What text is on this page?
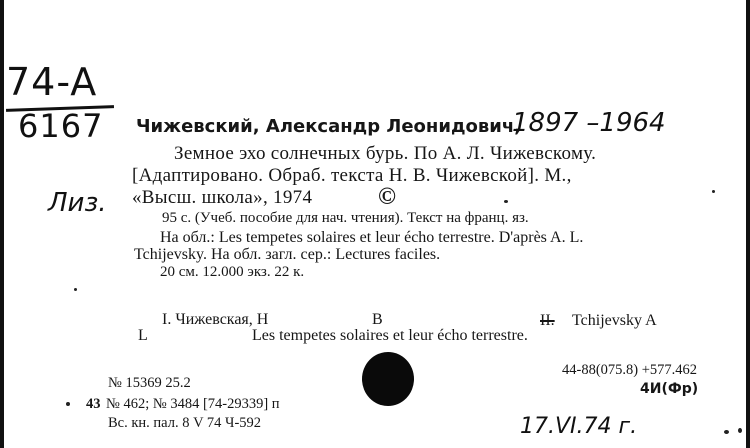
74-A
6167
Лиз.
Чижевский, Александр Леонидович,
1897 –1964
Земное эхо солнечных бурь. По А. Л. Чижевскому.
[Адаптировано. Обраб. текста Н. В. Чижевской]. М.,
«Высш. школа», 1974	©
95 с. (Учеб. пособие для нач. чтения). Текст на франц. яз.
На обл.: Les tempetes solaires et leur écho terrestre. D'après A. L.
Tchijevsky. На обл. загл. сер.: Lectures faciles.
20 см. 12.000 экз. 22 к.
I. Чижевская, Н	В	II. Tchijevsky A
L	Les tempetes solaires et leur écho terrestre.
№ 15369 25.2
44-88(075.8) +577.462
4И(Фр)
43 № 462; № 3484 [74-29339] п
Вс. кн. пал. 8 V 74 Ч-592	17.VI.74 г.
